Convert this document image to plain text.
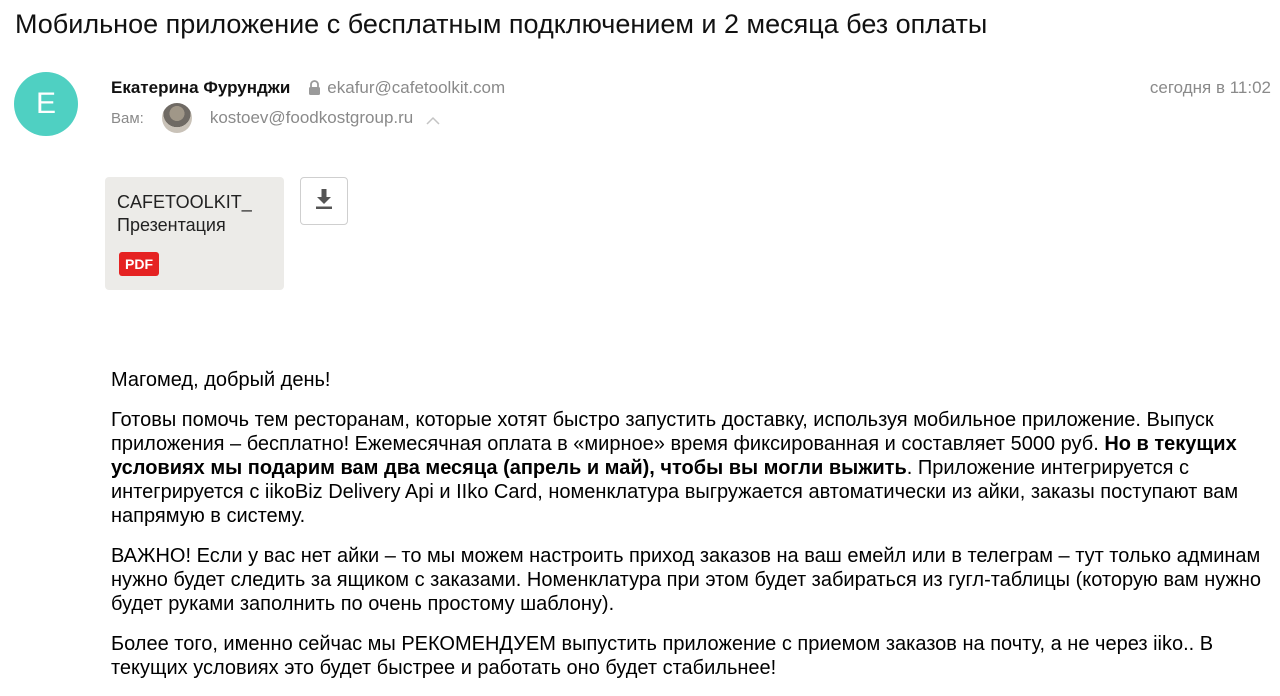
Мобильное приложение с бесплатным подключением и 2 месяца без оплаты
E	Екатерина Фурунджи ekafur@cafetoolkit.com	сегодня в 11:02
Вам:	kostoev@foodkostgroup.ru
CAFETOOLKIT_
Презентация
PDF

Магомед, добрый день!

Готовы помочь тем ресторанам, которые хотят быстро запустить доставку, используя мобильное приложение. Выпуск приложения – бесплатно! Ежемесячная оплата в «мирное» время фиксированная и составляет 5000 руб. Но в текущих условиях мы подарим вам два месяца (апрель и май), чтобы вы могли выжить. Приложение интегрируется с интегрируется с iikoBiz Delivery Api и IIko Card, номенклатура выгружается автоматически из айки, заказы поступают вам напрямую в систему.

ВАЖНО! Если у вас нет айки – то мы можем настроить приход заказов на ваш емейл или в телеграм – тут только админам нужно будет следить за ящиком с заказами. Номенклатура при этом будет забираться из гугл-таблицы (которую вам нужно будет руками заполнить по очень простому шаблону).

Более того, именно сейчас мы РЕКОМЕНДУЕМ выпустить приложение с приемом заказов на почту, а не через iiko.. В текущих условиях это будет быстрее и работать оно будет стабильнее!
